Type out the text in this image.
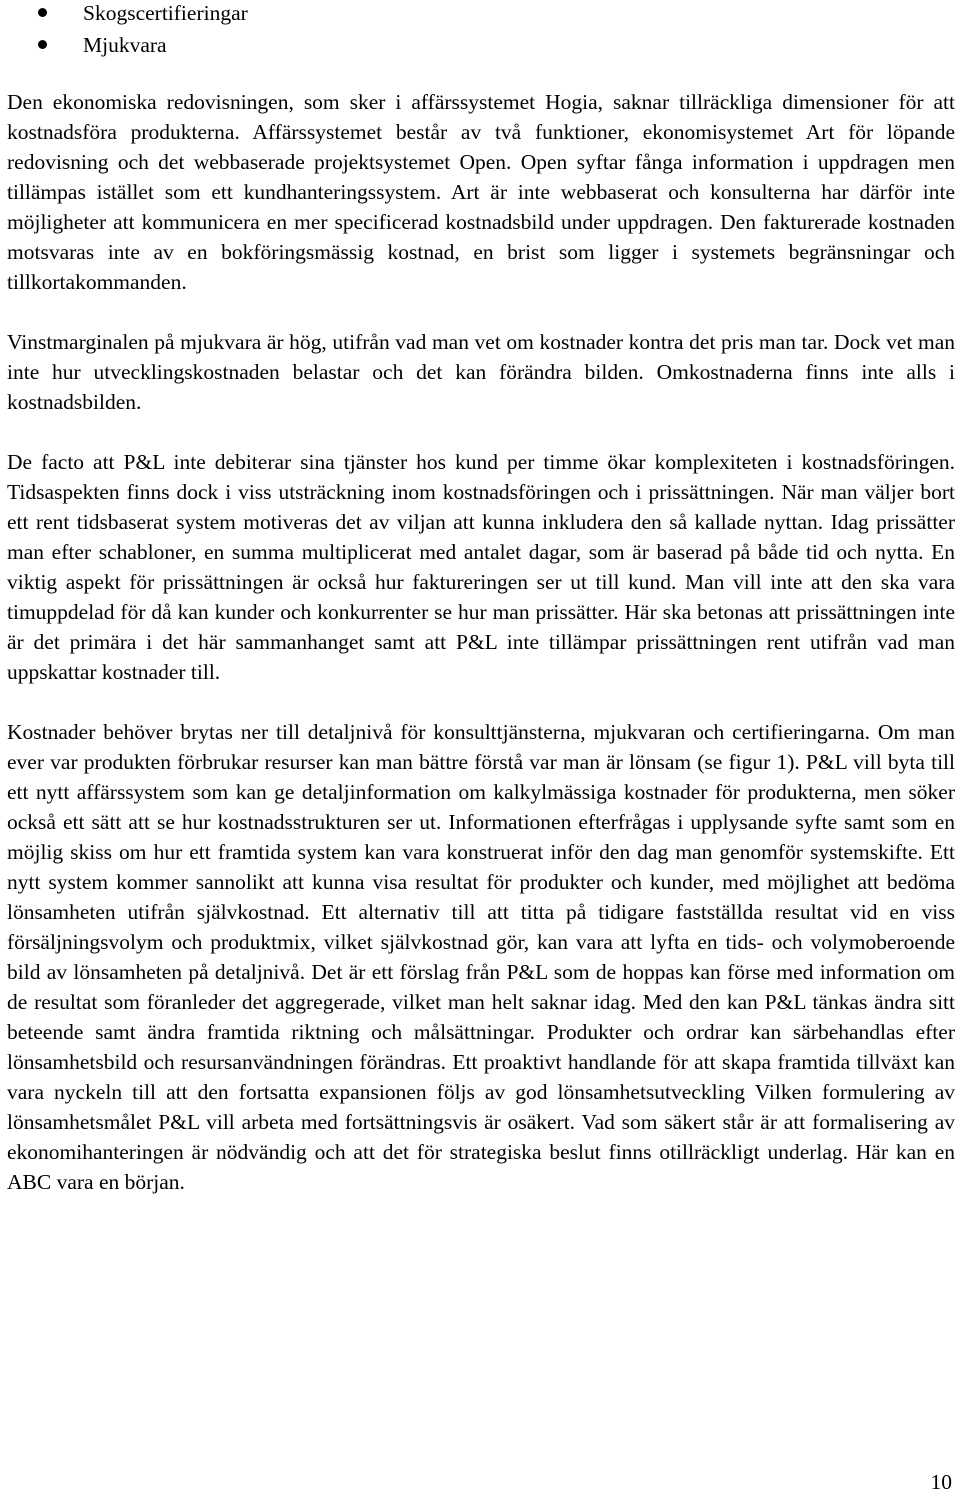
Skogscertifieringar
Mjukvara

Den ekonomiska redovisningen, som sker i affärssystemet Hogia, saknar tillräckliga dimensioner för att kostnadsföra produkterna. Affärssystemet består av två funktioner, ekonomisystemet Art för löpande redovisning och det webbaserade projektsystemet Open. Open syftar fånga information i uppdragen men tillämpas istället som ett kundhanteringssystem. Art är inte webbaserat och konsulterna har därför inte möjligheter att kommunicera en mer specificerad kostnadsbild under uppdragen. Den fakturerade kostnaden motsvaras inte av en bokföringsmässig kostnad, en brist som ligger i systemets begränsningar och tillkortakommanden.

Vinstmarginalen på mjukvara är hög, utifrån vad man vet om kostnader kontra det pris man tar. Dock vet man inte hur utvecklingskostnaden belastar och det kan förändra bilden. Omkostnaderna finns inte alls i kostnadsbilden.

De facto att P&L inte debiterar sina tjänster hos kund per timme ökar komplexiteten i kostnadsföringen. Tidsaspekten finns dock i viss utsträckning inom kostnadsföringen och i prissättningen. När man väljer bort ett rent tidsbaserat system motiveras det av viljan att kunna inkludera den så kallade nyttan. Idag prissätter man efter schabloner, en summa multiplicerat med antalet dagar, som är baserad på både tid och nytta. En viktig aspekt för prissättningen är också hur faktureringen ser ut till kund. Man vill inte att den ska vara timuppdelad för då kan kunder och konkurrenter se hur man prissätter. Här ska betonas att prissättningen inte är det primära i det här sammanhanget samt att P&L inte tillämpar prissättningen rent utifrån vad man uppskattar kostnader till.

Kostnader behöver brytas ner till detaljnivå för konsulttjänsterna, mjukvaran och certifieringarna. Om man ever var produkten förbrukar resurser kan man bättre förstå var man är lönsam (se figur 1). P&L vill byta till ett nytt affärssystem som kan ge detaljinformation om kalkylmässiga kostnader för produkterna, men söker också ett sätt att se hur kostnadsstrukturen ser ut. Informationen efterfrågas i upplysande syfte samt som en möjlig skiss om hur ett framtida system kan vara konstruerat inför den dag man genomför systemskifte. Ett nytt system kommer sannolikt att kunna visa resultat för produkter och kunder, med möjlighet att bedöma lönsamheten utifrån självkostnad. Ett alternativ till att titta på tidigare fastställda resultat vid en viss försäljningsvolym och produktmix, vilket självkostnad gör, kan vara att lyfta en tids- och volymoberoende bild av lönsamheten på detaljnivå. Det är ett förslag från P&L som de hoppas kan förse med information om de resultat som föranleder det aggregerade, vilket man helt saknar idag. Med den kan P&L tänkas ändra sitt beteende samt ändra framtida riktning och målsättningar. Produkter och ordrar kan särbehandlas efter lönsamhetsbild och resursanvändningen förändras. Ett proaktivt handlande för att skapa framtida tillväxt kan vara nyckeln till att den fortsatta expansionen följs av god lönsamhetsutveckling Vilken formulering av lönsamhetsmålet P&L vill arbeta med fortsättningsvis är osäkert. Vad som säkert står är att formalisering av ekonomihanteringen är nödvändig och att det för strategiska beslut finns otillräckligt underlag. Här kan en ABC vara en början.

10
